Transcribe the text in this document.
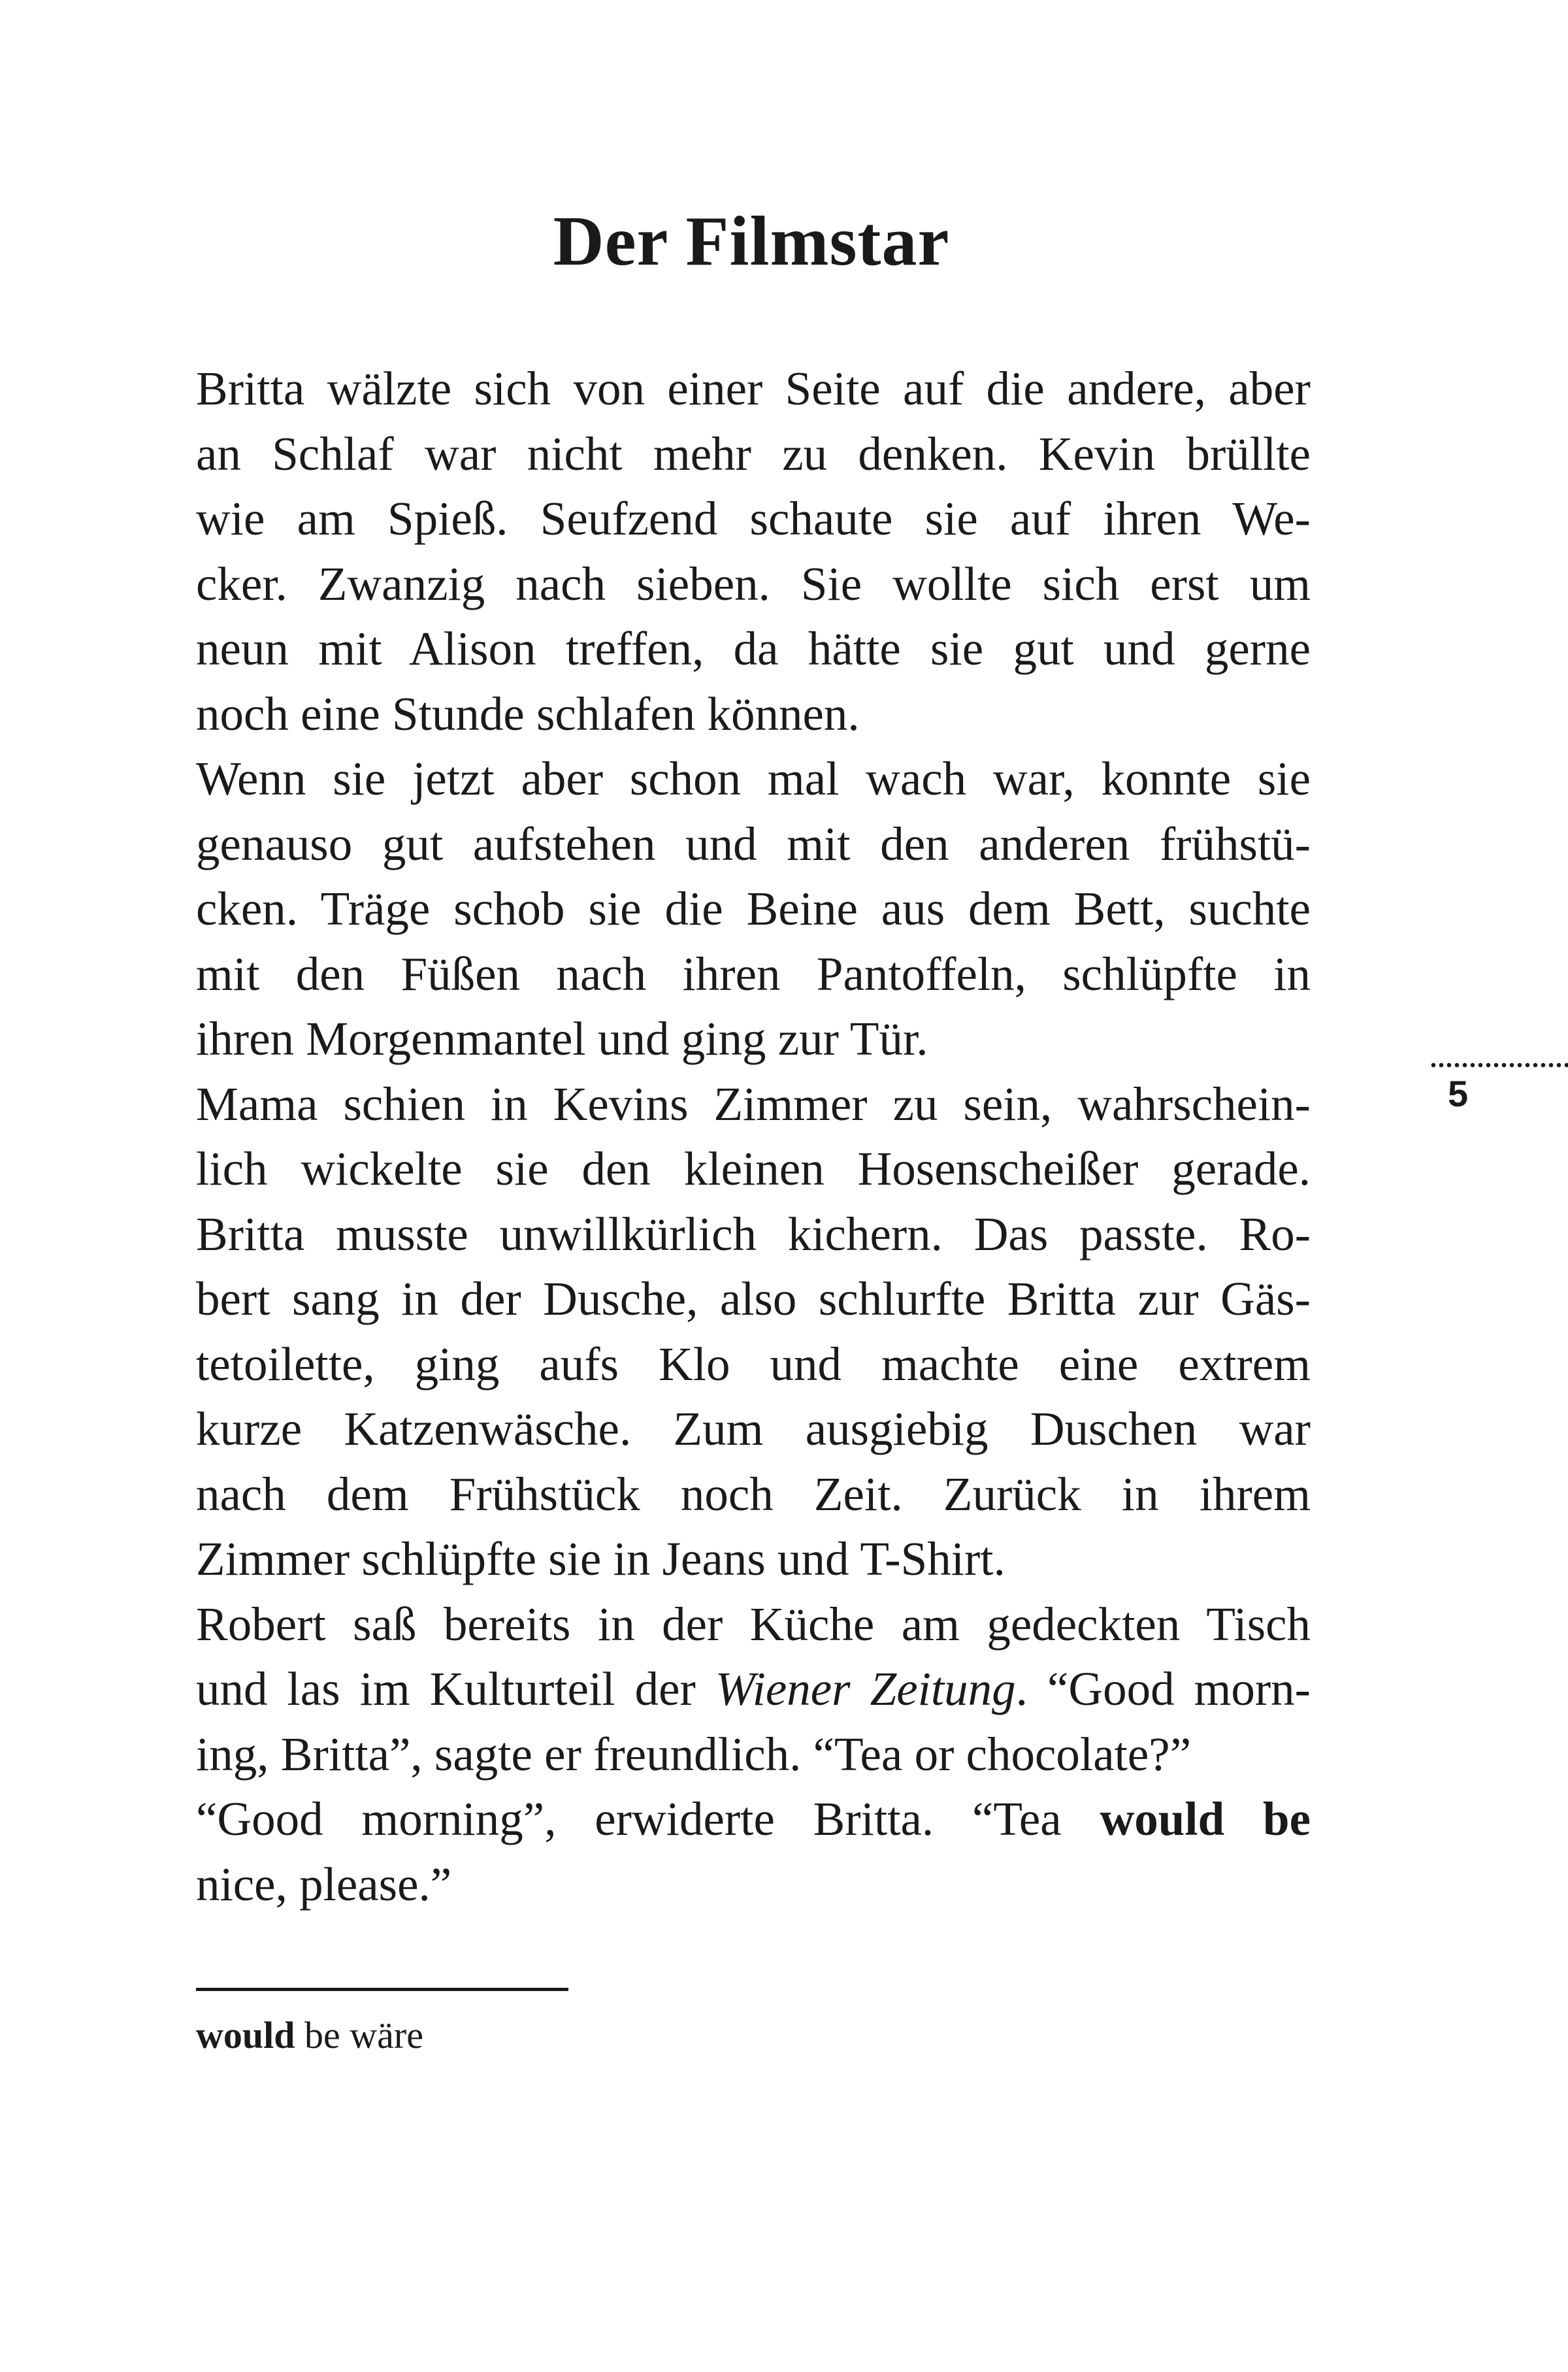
Der Filmstar
Britta wälzte sich von einer Seite auf die andere, aber
an Schlaf war nicht mehr zu denken. Kevin brüllte
wie am Spieß. Seufzend schaute sie auf ihren We-
cker. Zwanzig nach sieben. Sie wollte sich erst um
neun mit Alison treffen, da hätte sie gut und gerne
noch eine Stunde schlafen können.
Wenn sie jetzt aber schon mal wach war, konnte sie
genauso gut aufstehen und mit den anderen frühstü-
cken. Träge schob sie die Beine aus dem Bett, suchte
mit den Füßen nach ihren Pantoffeln, schlüpfte in
ihren Morgenmantel und ging zur Tür.
Mama schien in Kevins Zimmer zu sein, wahrschein-
lich wickelte sie den kleinen Hosenscheißer gerade.
Britta musste unwillkürlich kichern. Das passte. Ro-
bert sang in der Dusche, also schlurfte Britta zur Gäs-
tetoilette, ging aufs Klo und machte eine extrem
kurze Katzenwäsche. Zum ausgiebig Duschen war
nach dem Frühstück noch Zeit. Zurück in ihrem
Zimmer schlüpfte sie in Jeans und T-Shirt.
Robert saß bereits in der Küche am gedeckten Tisch
und las im Kulturteil der Wiener Zeitung. “Good morn-
ing, Britta”, sagte er freundlich. “Tea or chocolate?”
“Good morning”, erwiderte Britta. “Tea would be
nice, please.”
5

would be wäre
